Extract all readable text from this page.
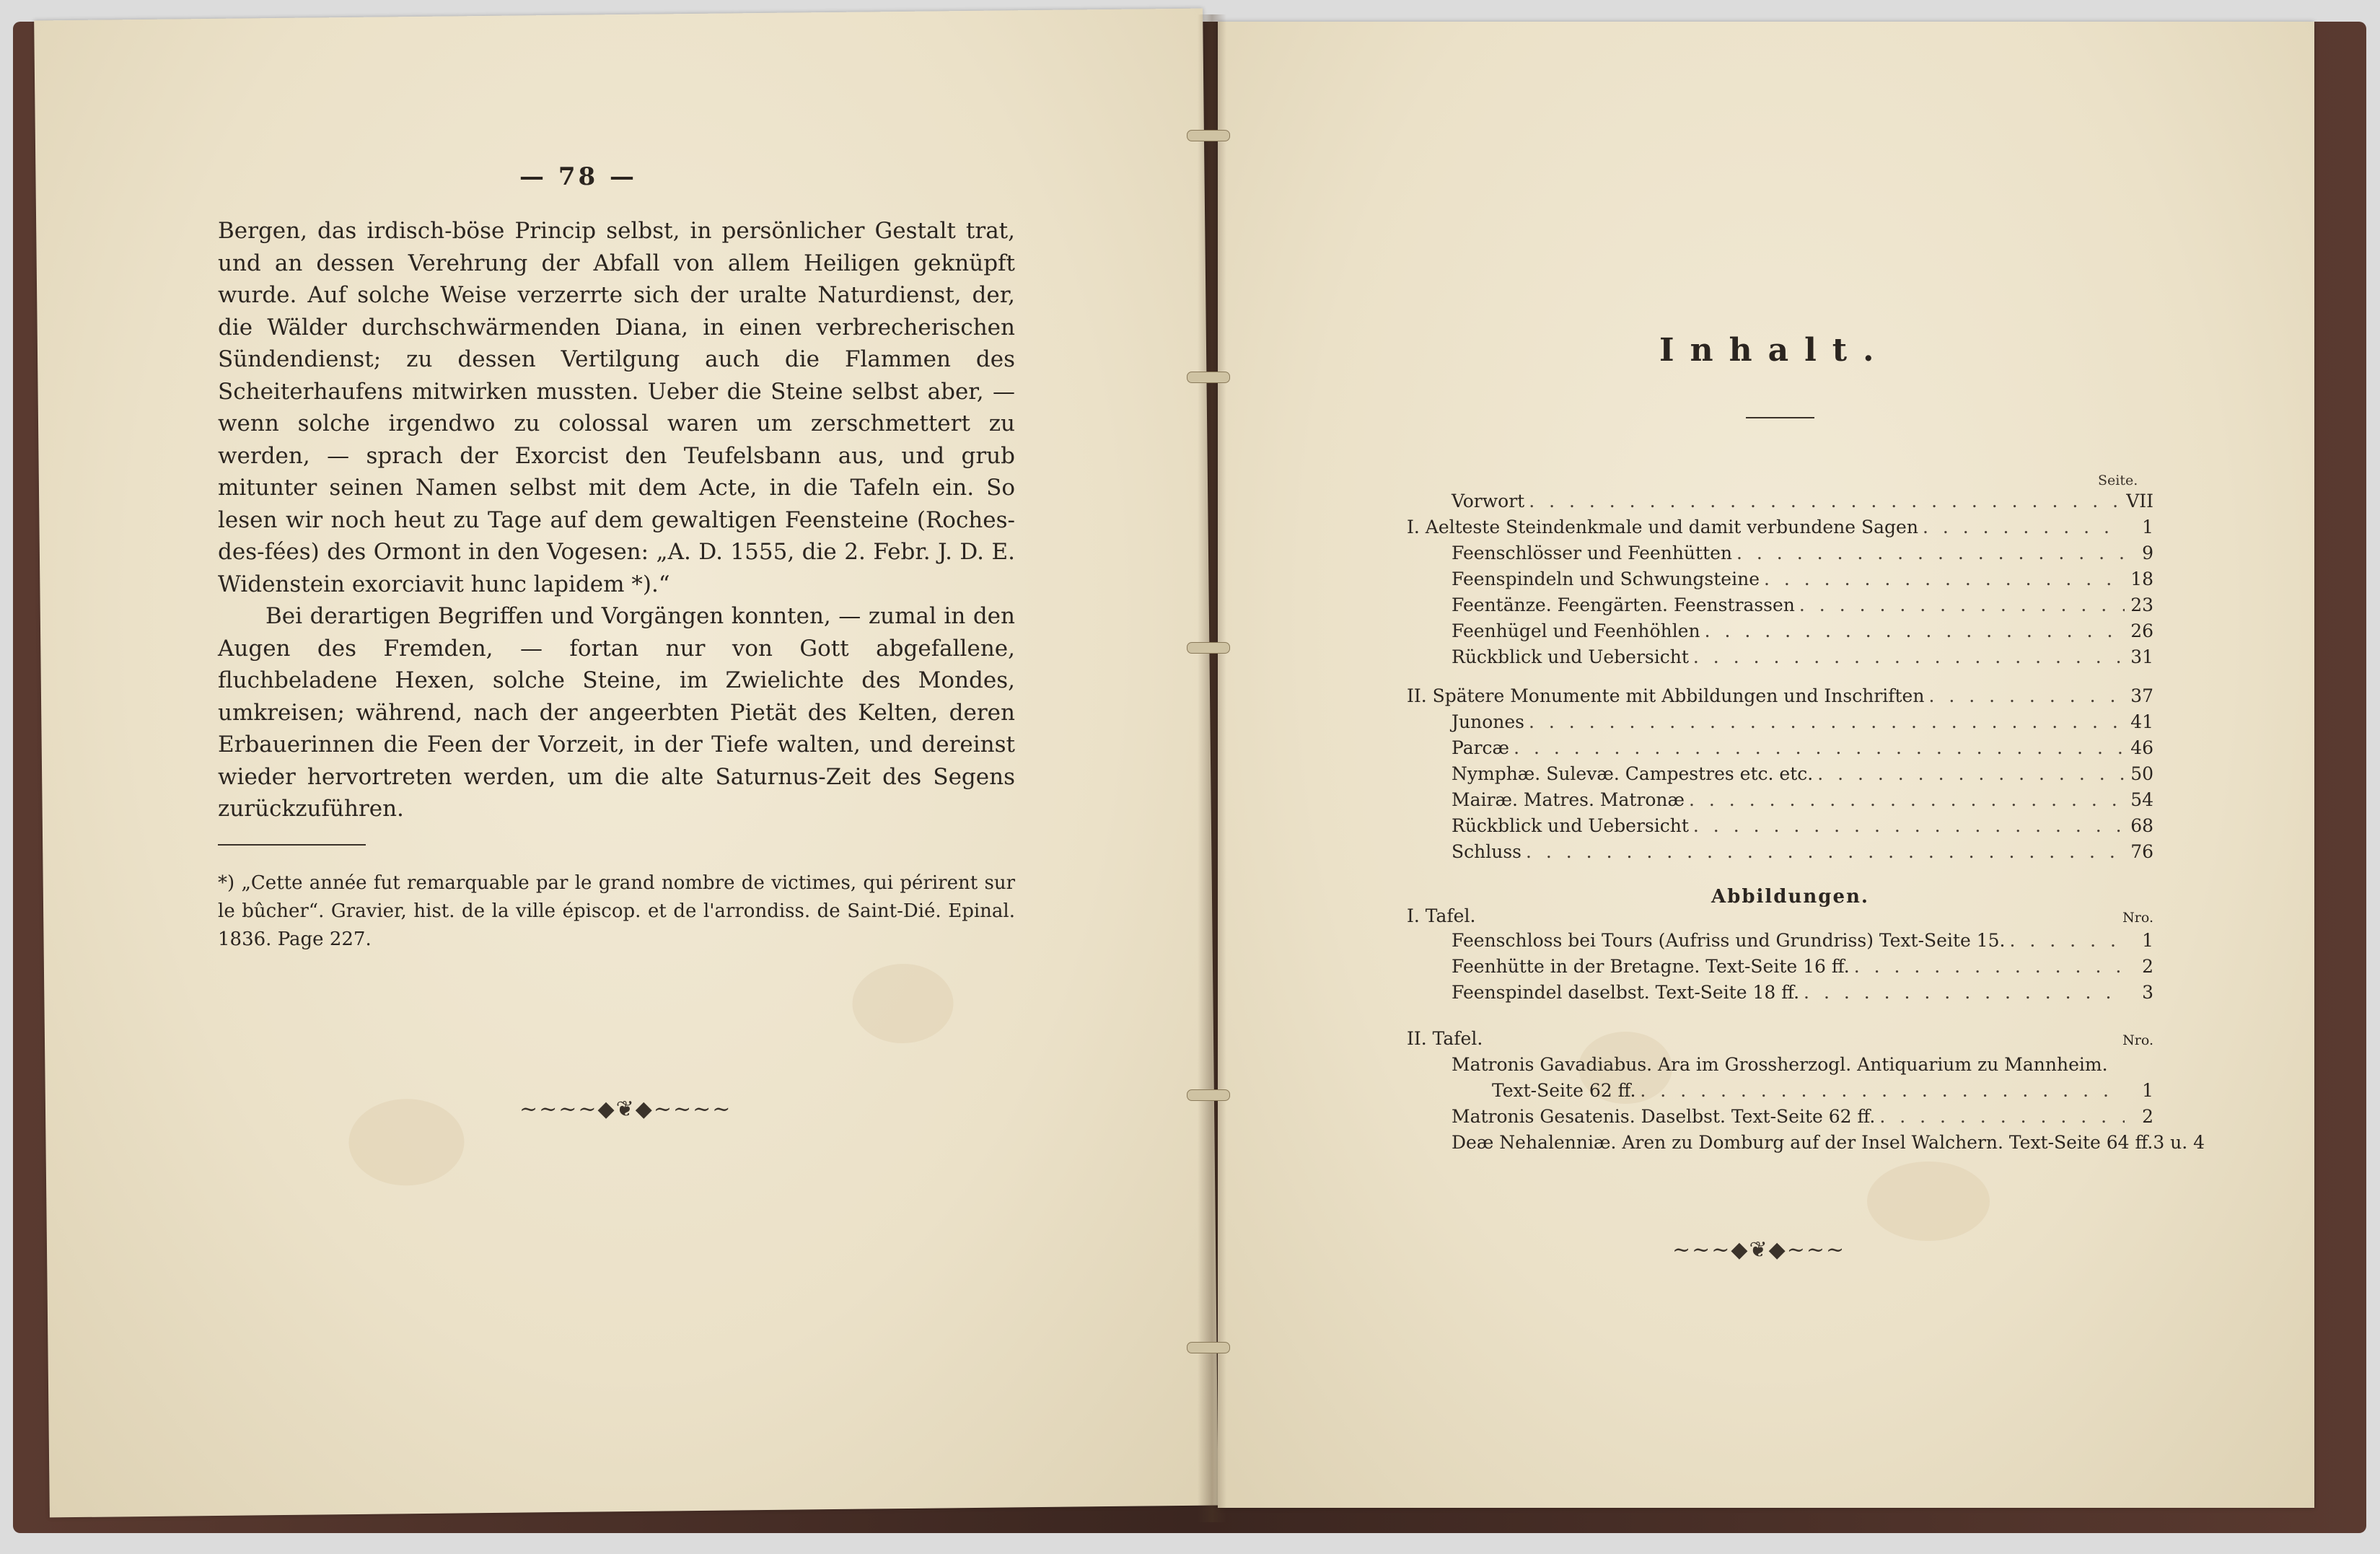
— 78 —

Bergen, das irdisch-böse Princip selbst, in persönlicher Gestalt trat, und an dessen Verehrung der Abfall von allem Heiligen geknüpft wurde. Auf solche Weise verzerrte sich der uralte Naturdienst, der, die Wälder durchschwärmenden Diana, in einen verbrecherischen Sündendienst; zu dessen Vertilgung auch die Flammen des Scheiterhaufens mitwirken mussten. Ueber die Steine selbst aber, — wenn solche irgendwo zu colossal waren um zerschmettert zu werden, — sprach der Exorcist den Teufelsbann aus, und grub mitunter seinen Namen selbst mit dem Acte, in die Tafeln ein. So lesen wir noch heut zu Tage auf dem gewaltigen Feensteine (Roches-des-fées) des Ormont in den Vogesen: „A. D. 1555, die 2. Febr. J. D. E. Widenstein exorciavit hunc lapidem *).“

Bei derartigen Begriffen und Vorgängen konnten, — zumal in den Augen des Fremden, — fortan nur von Gott abgefallene, fluchbeladene Hexen, solche Steine, im Zwielichte des Mondes, umkreisen; während, nach der angeerbten Pietät des Kelten, deren Erbauerinnen die Feen der Vorzeit, in der Tiefe walten, und dereinst wieder hervortreten werden, um die alte Saturnus-Zeit des Segens zurückzuführen.

*) „Cette année fut remarquable par le grand nombre de victimes, qui périrent sur le bûcher“. Gravier, hist. de la ville épiscop. et de l'arrondiss. de Saint-Dié. Epinal. 1836. Page 227.
~~~~◆❦◆~~~~
Inhalt.
Seite.
Vorwort . . .	VII
I. Aelteste Steindenkmale und damit verbundene Sagen . . .	1
Feenschlösser und Feenhütten . . .	9
Feenspindeln und Schwungsteine . . .	18
Feentänze. Feengärten. Feenstrassen . . .	23
Feenhügel und Feenhöhlen . . .	26
Rückblick und Uebersicht . . .	31
II. Spätere Monumente mit Abbildungen und Inschriften . . .	37
Junones . . .	41
Parcæ . . .	46
Nymphæ. Sulevæ. Campestres etc. etc. . . .	50
Mairæ. Matres. Matronæ . . .	54
Rückblick und Uebersicht . . .	68
Schluss . . .	76
Abbildungen.
I. Tafel.	Nro.
Feenschloss bei Tours (Aufriss und Grundriss) Text-Seite 15. . . .	1
Feenhütte in der Bretagne. Text-Seite 16 ff. . . .	2
Feenspindel daselbst. Text-Seite 18 ff. . . .	3
II. Tafel.	Nro.
Matronis Gavadiabus. Ara im Grossherzogl. Antiquarium zu Mannheim.
Text-Seite 62 ff. . . .	1
Matronis Gesatenis. Daselbst. Text-Seite 62 ff. . . .	2
Deæ Nehalenniæ. Aren zu Domburg auf der Insel Walchern. Text-Seite 64 ff. 3 u. 4
~~~◆❦◆~~~
